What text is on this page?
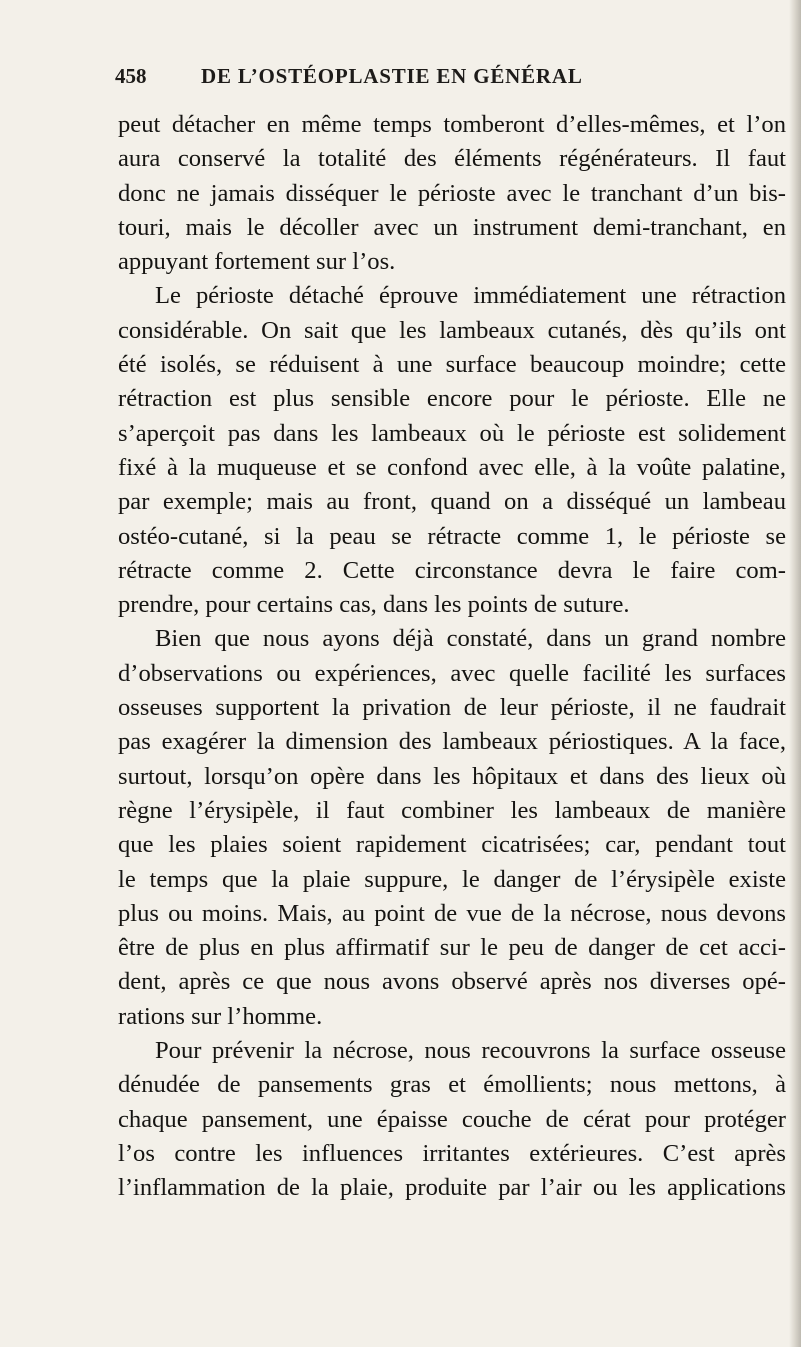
458	DE L’OSTÉOPLASTIE EN GÉNÉRAL
peut détacher en même temps tomberont d’elles-mêmes, et l’on
aura conservé la totalité des éléments régénérateurs. Il faut
donc ne jamais disséquer le périoste avec le tranchant d’un bis-
touri, mais le décoller avec un instrument demi-tranchant, en
appuyant fortement sur l’os.
Le périoste détaché éprouve immédiatement une rétraction
considérable. On sait que les lambeaux cutanés, dès qu’ils ont
été isolés, se réduisent à une surface beaucoup moindre; cette
rétraction est plus sensible encore pour le périoste. Elle ne
s’aperçoit pas dans les lambeaux où le périoste est solidement
fixé à la muqueuse et se confond avec elle, à la voûte palatine,
par exemple; mais au front, quand on a disséqué un lambeau
ostéo-cutané, si la peau se rétracte comme 1, le périoste se
rétracte comme 2. Cette circonstance devra le faire com-
prendre, pour certains cas, dans les points de suture.
Bien que nous ayons déjà constaté, dans un grand nombre
d’observations ou expériences, avec quelle facilité les surfaces
osseuses supportent la privation de leur périoste, il ne faudrait
pas exagérer la dimension des lambeaux périostiques. A la face,
surtout, lorsqu’on opère dans les hôpitaux et dans des lieux où
règne l’érysipèle, il faut combiner les lambeaux de manière
que les plaies soient rapidement cicatrisées; car, pendant tout
le temps que la plaie suppure, le danger de l’érysipèle existe
plus ou moins. Mais, au point de vue de la nécrose, nous devons
être de plus en plus affirmatif sur le peu de danger de cet acci-
dent, après ce que nous avons observé après nos diverses opé-
rations sur l’homme.
Pour prévenir la nécrose, nous recouvrons la surface osseuse
dénudée de pansements gras et émollients; nous mettons, à
chaque pansement, une épaisse couche de cérat pour protéger
l’os contre les influences irritantes extérieures. C’est après
l’inflammation de la plaie, produite par l’air ou les applications
